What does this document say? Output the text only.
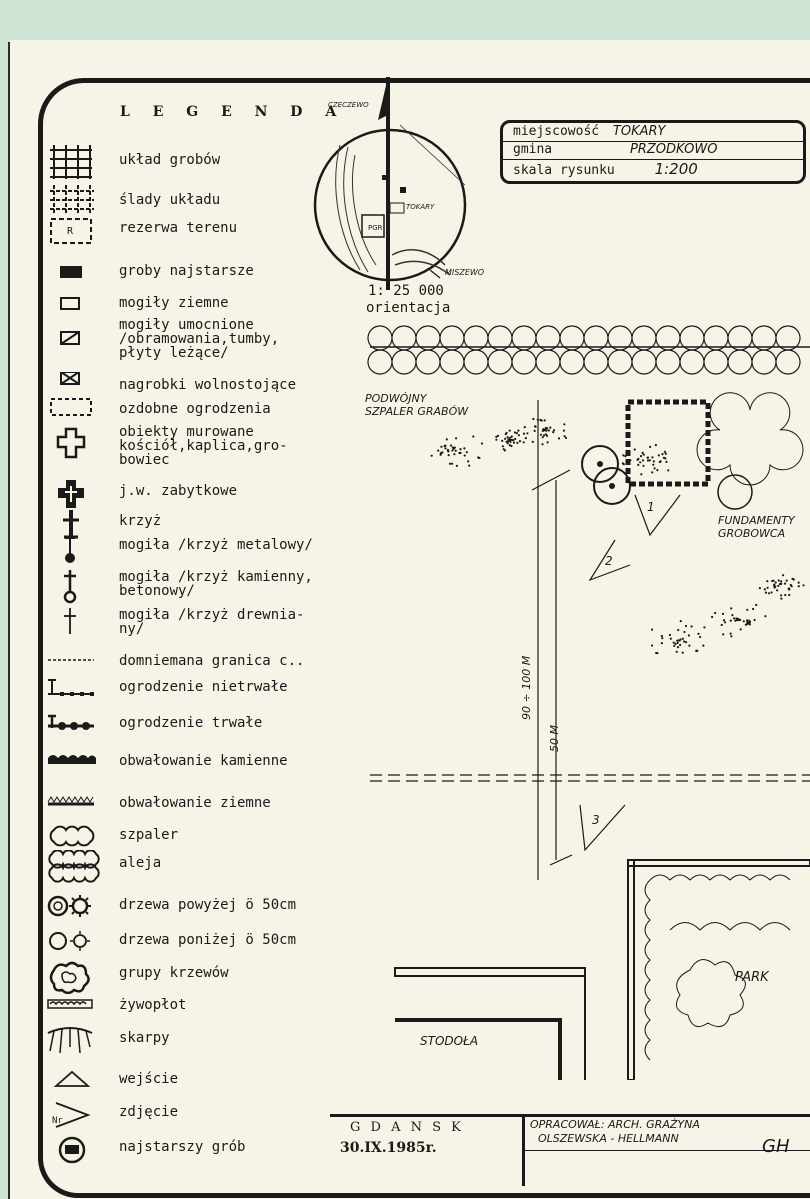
L E G E N D A
układ grobów
ślady układu
R	rezerwa terenu
groby najstarsze
mogiły ziemne
mogiły umocnione
/obramowania,tumby,
płyty leżące/
nagrobki wolnostojące
ozdobne ogrodzenia
obiekty murowane
kościół,kaplica,gro-
bowiec
j.w. zabytkowe
krzyż
mogiła /krzyż metalowy/
mogiła /krzyż kamienny,
betonowy/
mogiła /krzyż drewnia-
ny/
domniemana granica c..
ogrodzenie nietrwałe
ogrodzenie trwałe
obwałowanie kamienne
obwałowanie ziemne
szpaler
aleja
drzewa powyżej ö 50cm
drzewa poniżej ö 50cm
grupy krzewów
żywopłot
skarpy
wejście
Nr
zdjęcie
najstarszy grób
miejscowość TOKARY
gmina	PRZODKOWO
skala rysunku	1:200
CZECZEWO
TOKARY
PGR
MISZEWO
1: 25 000
orientacja
PODWÓJNY
SZPALER GRABÓW
FUNDAMENTY
GROBOWCA
1
2
3
90 ÷ 100 M
50 M
PARK
STODOŁA
G D A N S K
30.IX.1985r.
OPRACOWAŁ: ARCH. GRAŻYNA
OLSZEWSKA - HELLMANN	GH
